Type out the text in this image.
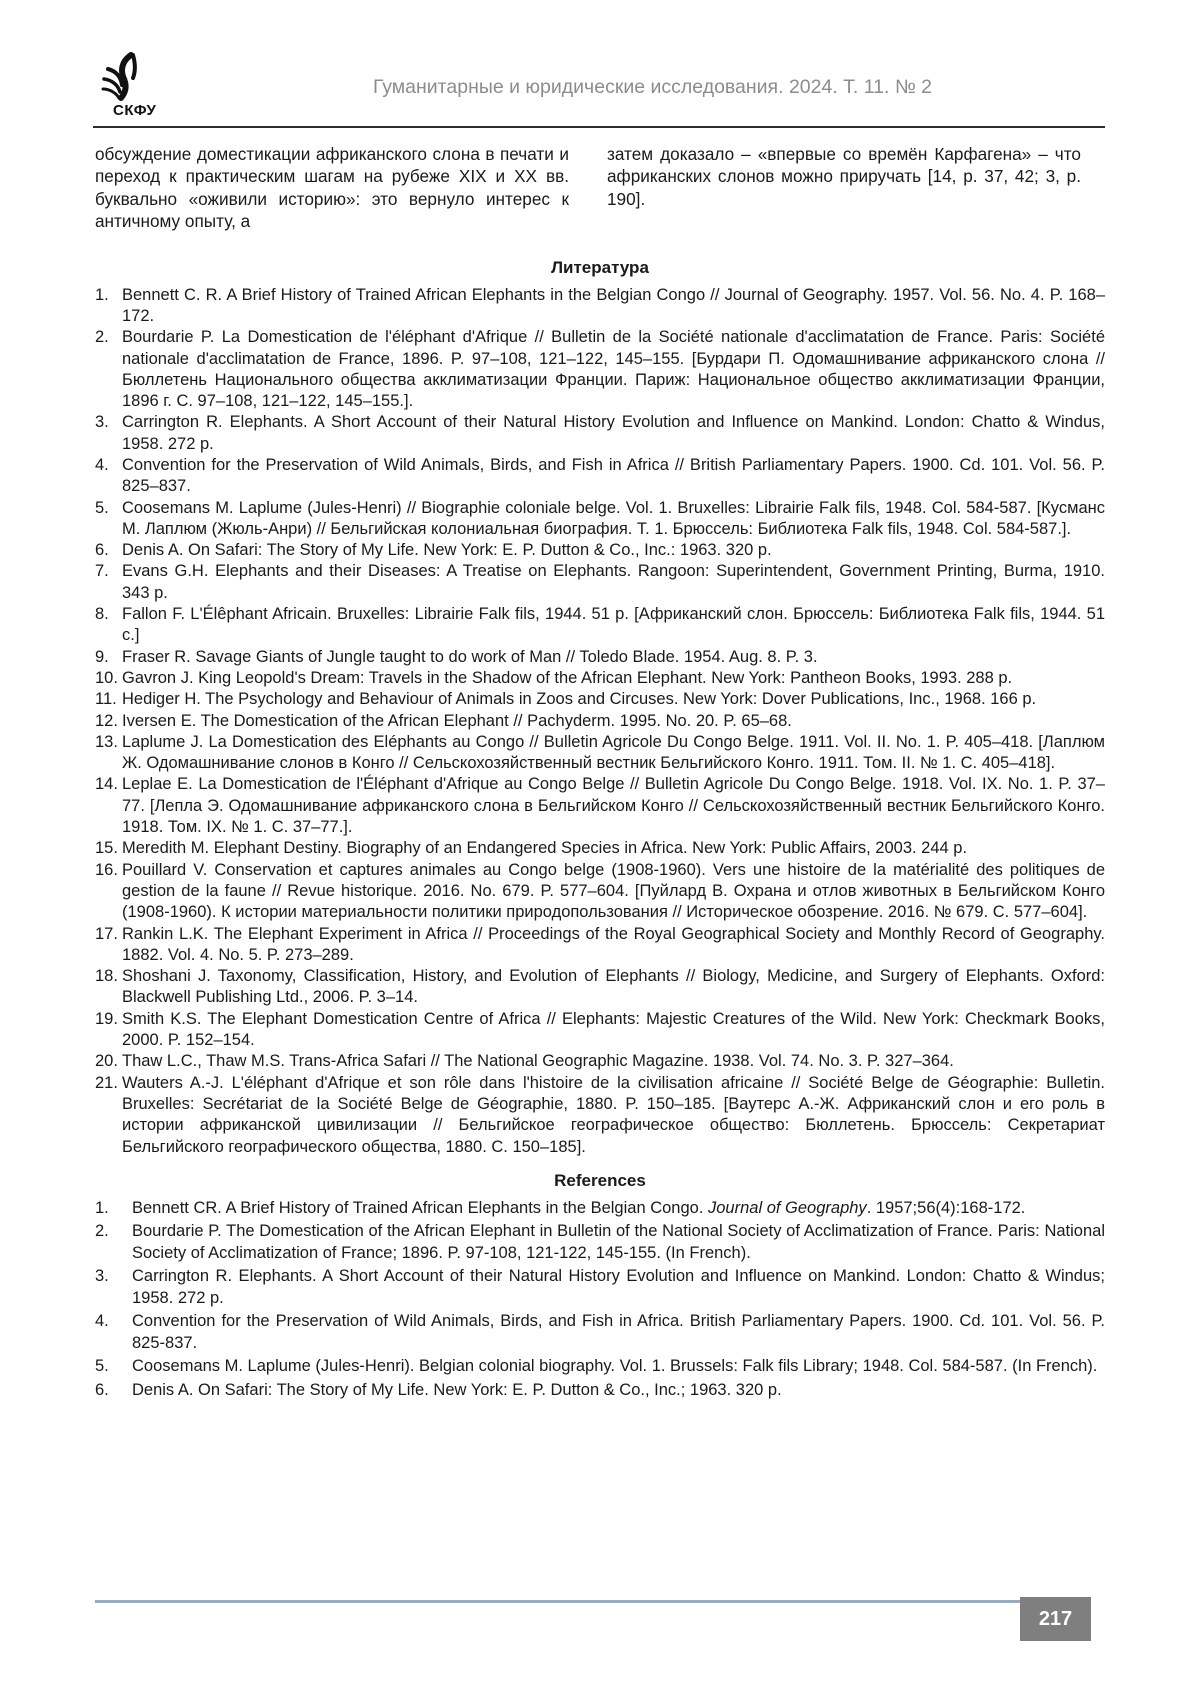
СКФУ
Гуманитарные и юридические исследования. 2024. Т. 11. № 2
обсуждение доместикации африканского слона в печати и переход к практическим шагам на рубеже XIX и XX вв. буквально «оживили историю»: это вернуло интерес к античному опыту, а
затем доказало – «впервые со времён Карфагена» – что африканских слонов можно приручать [14, p. 37, 42; 3, p. 190].
Литература
1. Bennett C. R. A Brief History of Trained African Elephants in the Belgian Congo // Journal of Geography. 1957. Vol. 56. No. 4. P. 168–172.
2. Bourdarie P. La Domestication de l'éléphant d'Afrique // Bulletin de la Société nationale d'acclimatation de France. Paris: Société nationale d'acclimatation de France, 1896. P. 97–108, 121–122, 145–155. [Бурдари П. Одомашнивание африканского слона // Бюллетень Национального общества акклиматизации Франции. Париж: Национальное общество акклиматизации Франции, 1896 г. С. 97–108, 121–122, 145–155.].
3. Carrington R. Elephants. A Short Account of their Natural History Evolution and Influence on Mankind. London: Chatto & Windus, 1958. 272 p.
4. Convention for the Preservation of Wild Animals, Birds, and Fish in Africa // British Parliamentary Papers. 1900. Cd. 101. Vol. 56. P. 825–837.
5. Coosemans M. Laplume (Jules-Henri) // Biographie coloniale belge. Vol. 1. Bruxelles: Librairie Falk fils, 1948. Col. 584-587. [Кусманс М. Лаплюм (Жюль-Анри) // Бельгийская колониальная биография. Т. 1. Брюссель: Библиотека Falk fils, 1948. Col. 584-587.].
6. Denis A. On Safari: The Story of My Life. New York: E. P. Dutton & Co., Inc.: 1963. 320 p.
7. Evans G.H. Elephants and their Diseases: A Treatise on Elephants. Rangoon: Superintendent, Government Printing, Burma, 1910. 343 p.
8. Fallon F. L'Élêphant Africain. Bruxelles: Librairie Falk fils, 1944. 51 p. [Африканский слон. Брюссель: Библиотека Falk fils, 1944. 51 с.]
9. Fraser R. Savage Giants of Jungle taught to do work of Man // Toledo Blade. 1954. Aug. 8. P. 3.
10. Gavron J. King Leopold's Dream: Travels in the Shadow of the African Elephant. New York: Pantheon Books, 1993. 288 p.
11. Hediger H. The Psychology and Behaviour of Animals in Zoos and Circuses. New York: Dover Publications, Inc., 1968. 166 p.
12. Iversen E. The Domestication of the African Elephant // Pachyderm. 1995. No. 20. P. 65–68.
13. Laplume J. La Domestication des Eléphants au Congo // Bulletin Agricole Du Congo Belge. 1911. Vol. II. No. 1. P. 405–418. [Лаплюм Ж. Одомашнивание слонов в Конго // Сельскохозяйственный вестник Бельгийского Конго. 1911. Том. II. № 1. С. 405–418].
14. Leplae E. La Domestication de l'Éléphant d'Afrique au Congo Belge // Bulletin Agricole Du Congo Belge. 1918. Vol. IX. No. 1. P. 37–77. [Лепла Э. Одомашнивание африканского слона в Бельгийском Конго // Сельскохозяйственный вестник Бельгийского Конго. 1918. Том. IX. № 1. С. 37–77.].
15. Meredith M. Elephant Destiny. Biography of an Endangered Species in Africa. New York: Public Affairs, 2003. 244 p.
16. Pouillard V. Conservation et captures animales au Congo belge (1908-1960). Vers une histoire de la matérialité des politiques de gestion de la faune // Revue historique. 2016. No. 679. P. 577–604. [Пуйлард В. Охрана и отлов животных в Бельгийском Конго (1908-1960). К истории материальности политики природопользования // Историческое обозрение. 2016. № 679. С. 577–604].
17. Rankin L.K. The Elephant Experiment in Africa // Proceedings of the Royal Geographical Society and Monthly Record of Geography. 1882. Vol. 4. No. 5. P. 273–289.
18. Shoshani J. Taxonomy, Classification, History, and Evolution of Elephants // Biology, Medicine, and Surgery of Elephants. Oxford: Blackwell Publishing Ltd., 2006. P. 3–14.
19. Smith K.S. The Elephant Domestication Centre of Africa // Elephants: Majestic Creatures of the Wild. New York: Checkmark Books, 2000. P. 152–154.
20. Thaw L.C., Thaw M.S. Trans-Africa Safari // The National Geographic Magazine. 1938. Vol. 74. No. 3. P. 327–364.
21. Wauters A.-J. L'éléphant d'Afrique et son rôle dans l'histoire de la civilisation africaine // Société Belge de Géographie: Bulletin. Bruxelles: Secrétariat de la Société Belge de Géographie, 1880. P. 150–185. [Ваутерс А.-Ж. Африканский слон и его роль в истории африканской цивилизации // Бельгийское географическое общество: Бюллетень. Брюссель: Секретариат Бельгийского географического общества, 1880. С. 150–185].
References
1.	Bennett CR. A Brief History of Trained African Elephants in the Belgian Congo. Journal of Geography. 1957;56(4):168-172.
2.	Bourdarie P. The Domestication of the African Elephant in Bulletin of the National Society of Acclimatization of France. Paris: National Society of Acclimatization of France; 1896. P. 97-108, 121-122, 145-155. (In French).
3.	Carrington R. Elephants. A Short Account of their Natural History Evolution and Influence on Mankind. London: Chatto & Windus; 1958. 272 p.
4.	Convention for the Preservation of Wild Animals, Birds, and Fish in Africa. British Parliamentary Papers. 1900. Cd. 101. Vol. 56. P. 825-837.
5.	Coosemans M. Laplume (Jules-Henri). Belgian colonial biography. Vol. 1. Brussels: Falk fils Library; 1948. Col. 584-587. (In French).
6.	Denis A. On Safari: The Story of My Life. New York: E. P. Dutton & Co., Inc.; 1963. 320 p.
217
